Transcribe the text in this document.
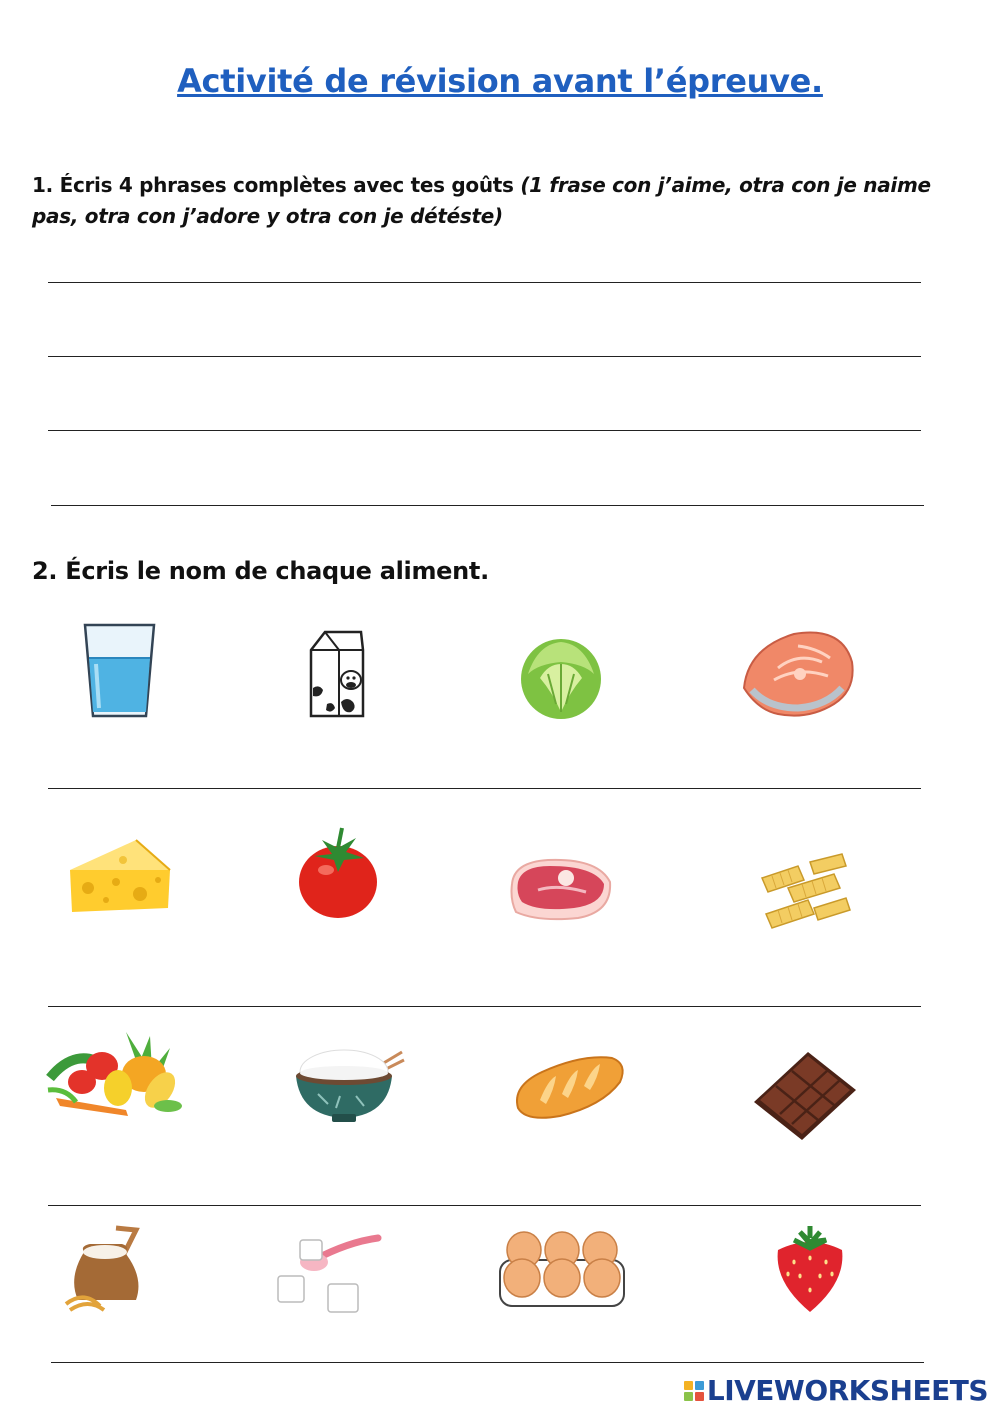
Activité de révision avant l’épreuve.
1. Écris 4 phrases complètes avec tes goûts (1 frase con j’aime, otra con je naime pas, otra con j’adore y otra con je détéste)
2. Écris le nom de chaque aliment.
LIVEWORKSHEETS
